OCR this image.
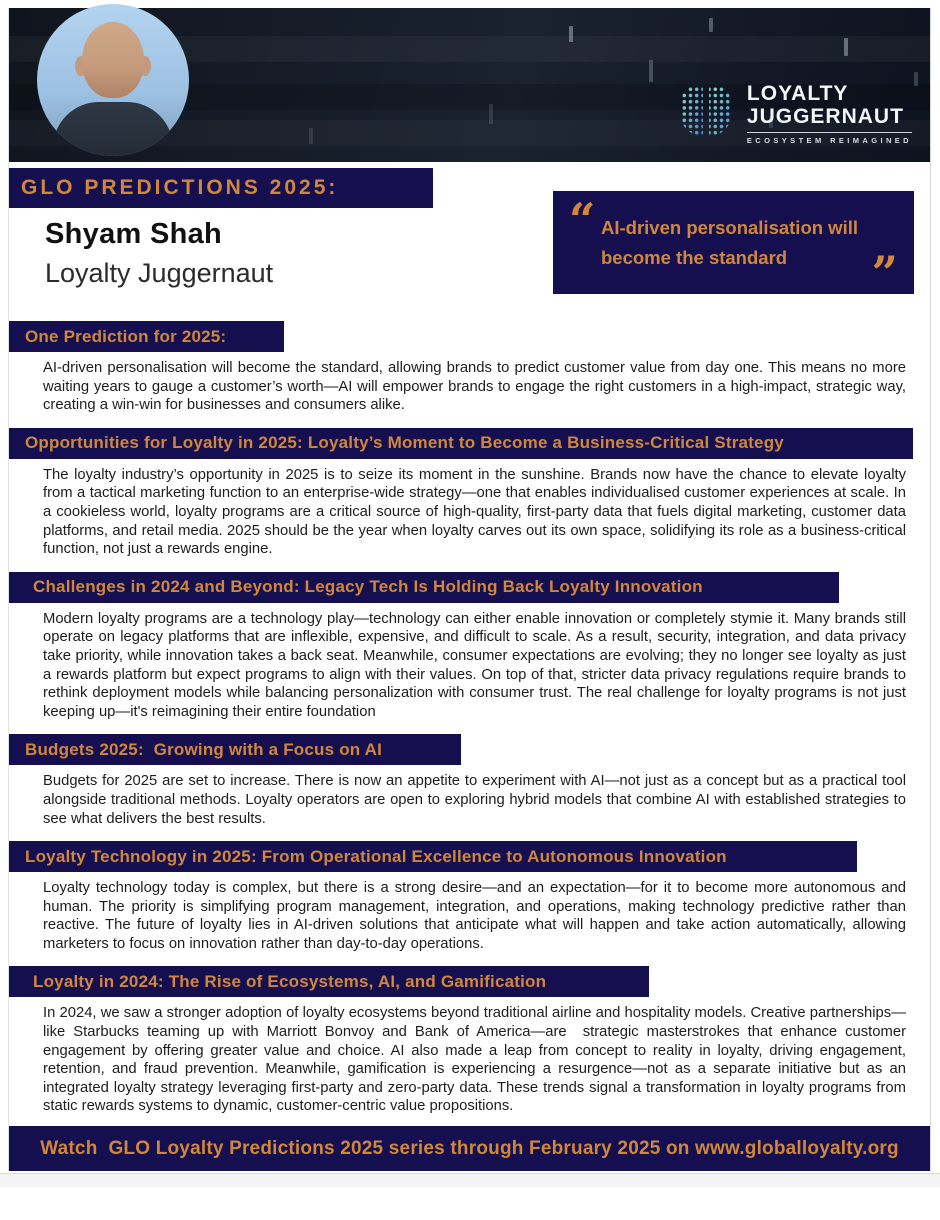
LOYALTY
JUGGERNAUT
ECOSYSTEM REIMAGINED
GLO PREDICTIONS 2025:
Shyam Shah
Loyalty Juggernaut
“ AI-driven personalisation will become the standard	”
One Prediction for 2025:

AI-driven personalisation will become the standard, allowing brands to predict customer value from day one. This means no more waiting years to gauge a customer’s worth—AI will empower brands to engage the right customers in a high-impact, strategic way, creating a win-win for businesses and consumers alike.

Opportunities for Loyalty in 2025: Loyalty’s Moment to Become a Business-Critical Strategy

The loyalty industry’s opportunity in 2025 is to seize its moment in the sunshine. Brands now have the chance to elevate loyalty from a tactical marketing function to an enterprise-wide strategy—one that enables individualised customer experiences at scale. In a cookieless world, loyalty programs are a critical source of high-quality, first-party data that fuels digital marketing, customer data platforms, and retail media. 2025 should be the year when loyalty carves out its own space, solidifying its role as a business-critical function, not just a rewards engine.

Challenges in 2024 and Beyond: Legacy Tech Is Holding Back Loyalty Innovation

Modern loyalty programs are a technology play—technology can either enable innovation or completely stymie it. Many brands still operate on legacy platforms that are inflexible, expensive, and difficult to scale. As a result, security, integration, and data privacy take priority, while innovation takes a back seat. Meanwhile, consumer expectations are evolving; they no longer see loyalty as just a rewards platform but expect programs to align with their values. On top of that, stricter data privacy regulations require brands to rethink deployment models while balancing personalization with consumer trust. The real challenge for loyalty programs is not just keeping up—it's reimagining their entire foundation

Budgets 2025:  Growing with a Focus on AI

Budgets for 2025 are set to increase. There is now an appetite to experiment with AI—not just as a concept but as a practical tool alongside traditional methods. Loyalty operators are open to exploring hybrid models that combine AI with established strategies to see what delivers the best results.

Loyalty Technology in 2025: From Operational Excellence to Autonomous Innovation

Loyalty technology today is complex, but there is a strong desire—and an expectation—for it to become more autonomous and human. The priority is simplifying program management, integration, and operations, making technology predictive rather than reactive. The future of loyalty lies in AI-driven solutions that anticipate what will happen and take action automatically, allowing marketers to focus on innovation rather than day-to-day operations.

Loyalty in 2024: The Rise of Ecosystems, AI, and Gamification

In 2024, we saw a stronger adoption of loyalty ecosystems beyond traditional airline and hospitality models. Creative partnerships—like Starbucks teaming up with Marriott Bonvoy and Bank of America—are  strategic masterstrokes that enhance customer engagement by offering greater value and choice. AI also made a leap from concept to reality in loyalty, driving engagement, retention, and fraud prevention. Meanwhile, gamification is experiencing a resurgence—not as a separate initiative but as an integrated loyalty strategy leveraging first-party and zero-party data. These trends signal a transformation in loyalty programs from static rewards systems to dynamic, customer-centric value propositions.

Watch  GLO Loyalty Predictions 2025 series through February 2025 on www.globalloyalty.org
